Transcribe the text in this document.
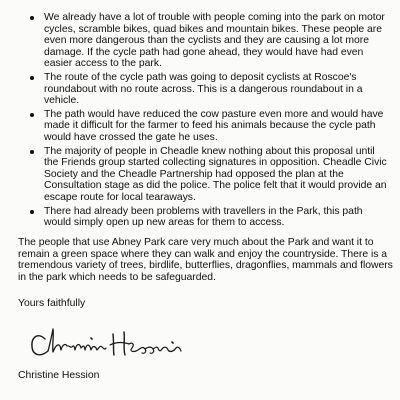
We already have a lot of trouble with people coming into the park on motor cycles, scramble bikes, quad bikes and mountain bikes. These people are even more dangerous than the cyclists and they are causing a lot more damage. If the cycle path had gone ahead, they would have had even easier access to the park.
The route of the cycle path was going to deposit cyclists at Roscoe's roundabout with no route across. This is a dangerous roundabout in a vehicle.
The path would have reduced the cow pasture even more and would have made it difficult for the farmer to feed his animals because the cycle path would have crossed the gate he uses.
The majority of people in Cheadle knew nothing about this proposal until the Friends group started collecting signatures in opposition. Cheadle Civic Society and the Cheadle Partnership had opposed the plan at the Consultation stage as did the police. The police felt that it would provide an escape route for local tearaways.
There had already been problems with travellers in the Park, this path would simply open up new areas for them to access.

The people that use Abney Park care very much about the Park and want it to remain a green space where they can walk and enjoy the countryside. There is a tremendous variety of trees, birdlife, butterflies, dragonflies, mammals and flowers in the park which needs to be safeguarded.

Yours faithfully

Christine Hession
